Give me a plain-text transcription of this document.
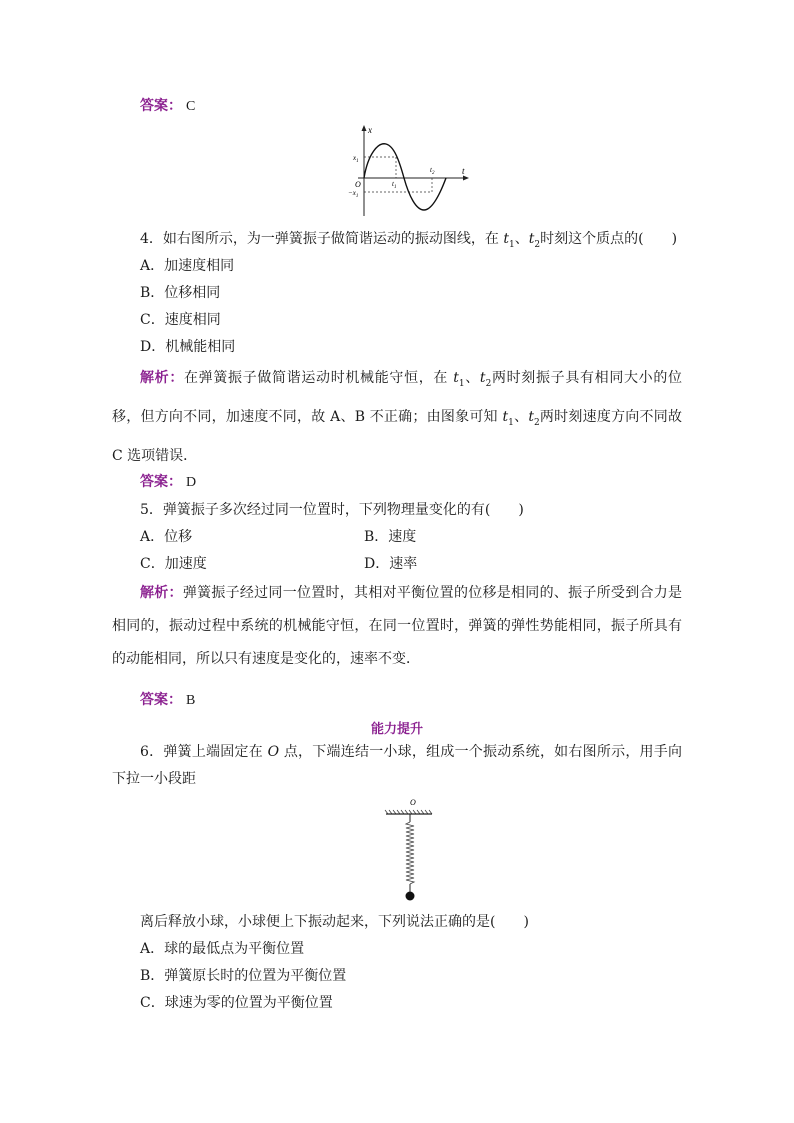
答案： C
x
t
O
$x_1$
$-x_1$
$t_1$
$t_2$
4．如右图所示，为一弹簧振子做简谐运动的振动图线，在 $t_1$、$t_2$时刻这个质点的(　　)
A．加速度相同
B．位移相同
C．速度相同
D．机械能相同
解析：在弹簧振子做简谐运动时机械能守恒，在 $t_1$、$t_2$两时刻振子具有相同大小的位移，但方向不同，加速度不同，故 A、B 不正确；由图象可知 $t_1$、$t_2$两时刻速度方向不同故 C 选项错误．
答案： D
5．弹簧振子多次经过同一位置时，下列物理量变化的有(　　)
A．位移	B．速度
C．加速度	D．速率
解析：弹簧振子经过同一位置时，其相对平衡位置的位移是相同的、振子所受到合力是相同的，振动过程中系统的机械能守恒，在同一位置时，弹簧的弹性势能相同，振子所具有的动能相同，所以只有速度是变化的，速率不变．
答案： B
能力提升
6．弹簧上端固定在 O 点，下端连结一小球，组成一个振动系统，如右图所示，用手向下拉一小段距
O
离后释放小球，小球便上下振动起来，下列说法正确的是(　　)
A．球的最低点为平衡位置
B．弹簧原长时的位置为平衡位置
C．球速为零的位置为平衡位置
